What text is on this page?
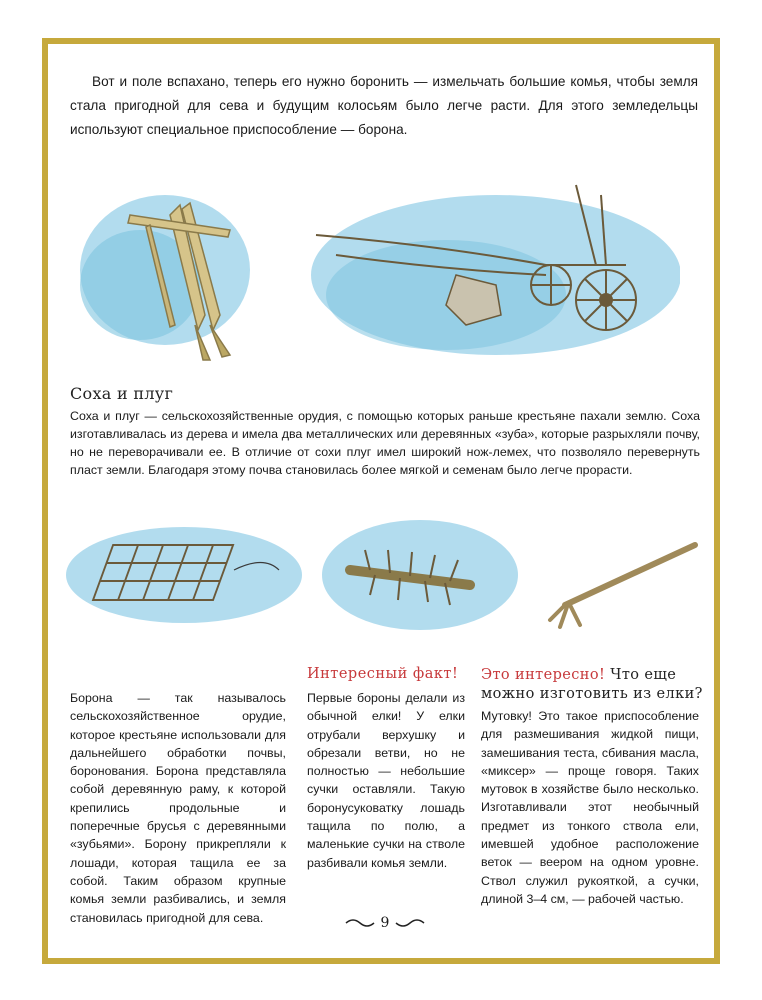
Вот и поле вспахано, теперь его нужно боронить — измельчать большие комья, чтобы земля стала пригодной для сева и будущим колосьям было легче расти. Для этого земледельцы используют специальное приспособление — борона.

Соха и плуг

Соха и плуг — сельскохозяйственные орудия, с помощью которых раньше крестьяне пахали землю. Соха изготавливалась из дерева и имела два металлических или деревянных «зуба», которые разрыхляли почву, но не переворачивали ее. В отличие от сохи плуг имел широкий нож-лемех, что позволяло перевернуть пласт земли. Благодаря этому почва становилась более мягкой и семенам было легче прорасти.

Интересный факт! Это интересно! Что еще можно изготовить из елки?

Борона — так называлось сельскохозяйственное орудие, которое крестьяне использовали для дальнейшего обработки почвы, боронования. Борона представляла собой деревянную раму, к которой крепились продольные и поперечные брусья с деревянными «зубьями». Борону прикрепляли к лошади, которая тащила ее за собой. Таким образом крупные комья земли разбивались, и земля становилась пригодной для сева.

Первые бороны делали из обычной елки! У елки отрубали верхушку и обрезали ветви, но не полностью — небольшие сучки оставляли. Такую боронусуковатку лошадь тащила по полю, а маленькие сучки на стволе разбивали комья земли.

Мутовку! Это такое приспособление для размешивания жидкой пищи, замешивания теста, сбивания масла, «миксер» — проще говоря. Таких мутовок в хозяйстве было несколько. Изготавливали этот необычный предмет из тонкого ствола ели, имевшей удобное расположение веток — веером на одном уровне. Ствол служил рукояткой, а сучки, длиной 3–4 см, — рабочей частью.

9
